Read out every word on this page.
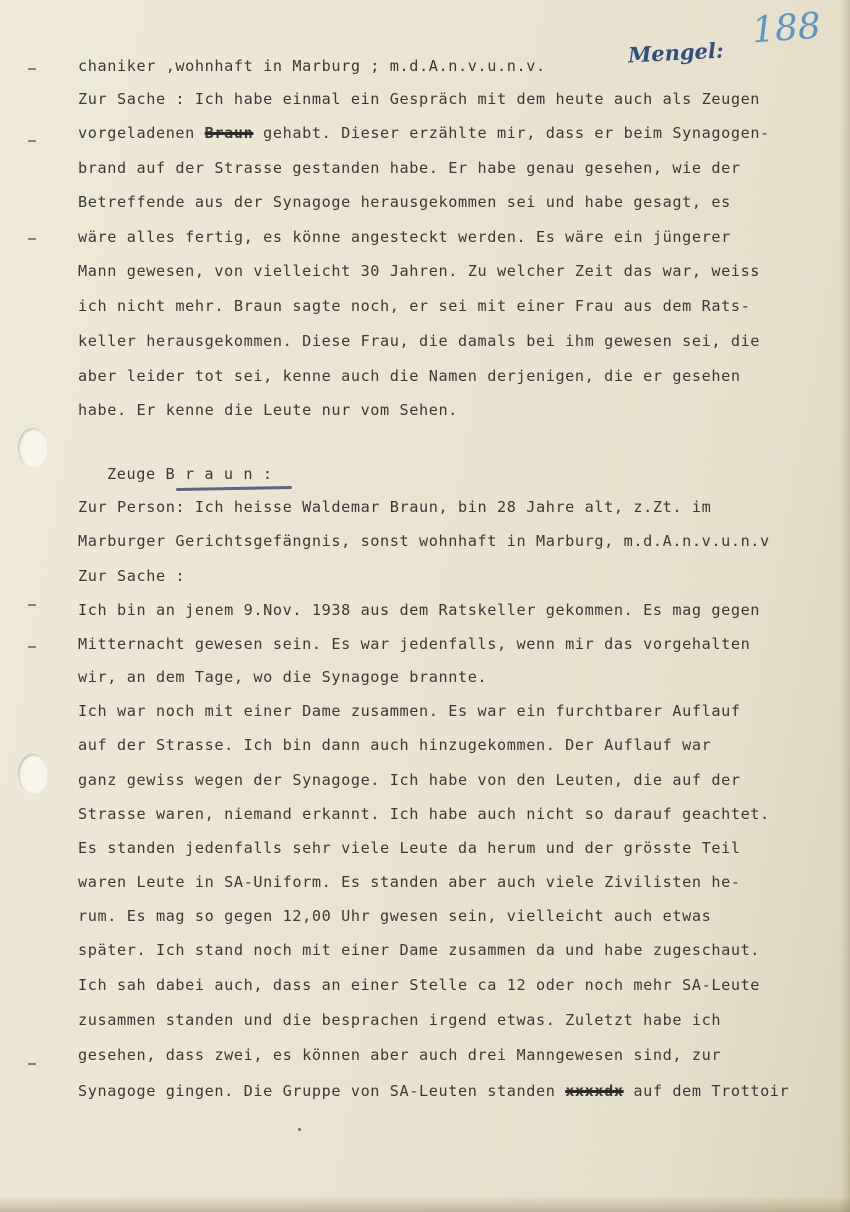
188
Mengel:
chaniker ,wohnhaft in Marburg ; m.d.A.n.v.u.n.v.
Zur Sache : Ich habe einmal ein Gespräch mit dem heute auch als Zeugen
vorgeladenen Braun gehabt. Dieser erzählte mir, dass er beim Synagogen-
brand auf der Strasse gestanden habe. Er habe genau gesehen, wie der
Betreffende aus der Synagoge herausgekommen sei und habe gesagt, es
wäre alles fertig, es könne angesteckt werden. Es wäre ein jüngerer
Mann gewesen, von vielleicht 30 Jahren. Zu welcher Zeit das war, weiss
ich nicht mehr. Braun sagte noch, er sei mit einer Frau aus dem Rats-
keller herausgekommen. Diese Frau, die damals bei ihm gewesen sei, die
aber leider tot sei, kenne auch die Namen derjenigen, die er gesehen
habe. Er kenne die Leute nur vom Sehen.
Zeuge B r a u n :
Zur Person: Ich heisse Waldemar Braun, bin 28 Jahre alt, z.Zt. im
Marburger Gerichtsgefängnis, sonst wohnhaft in Marburg, m.d.A.n.v.u.n.v
Zur Sache :
Ich bin an jenem 9.Nov. 1938 aus dem Ratskeller gekommen. Es mag gegen
Mitternacht gewesen sein. Es war jedenfalls, wenn mir das vorgehalten
wir, an dem Tage, wo die Synagoge brannte.
Ich war noch mit einer Dame zusammen. Es war ein furchtbarer Auflauf
auf der Strasse. Ich bin dann auch hinzugekommen. Der Auflauf war
ganz gewiss wegen der Synagoge. Ich habe von den Leuten, die auf der
Strasse waren, niemand erkannt. Ich habe auch nicht so darauf geachtet.
Es standen jedenfalls sehr viele Leute da herum und der grösste Teil
waren Leute in SA-Uniform. Es standen aber auch viele Zivilisten he-
rum. Es mag so gegen 12,00 Uhr gwesen sein, vielleicht auch etwas
später. Ich stand noch mit einer Dame zusammen da und habe zugeschaut.
Ich sah dabei auch, dass an einer Stelle ca 12 oder noch mehr SA-Leute
zusammen standen und die besprachen irgend etwas. Zuletzt habe ich
gesehen, dass zwei, es können aber auch drei Manngewesen sind, zur
Synagoge gingen. Die Gruppe von SA-Leuten standen xxxxdx auf dem Trottoir
